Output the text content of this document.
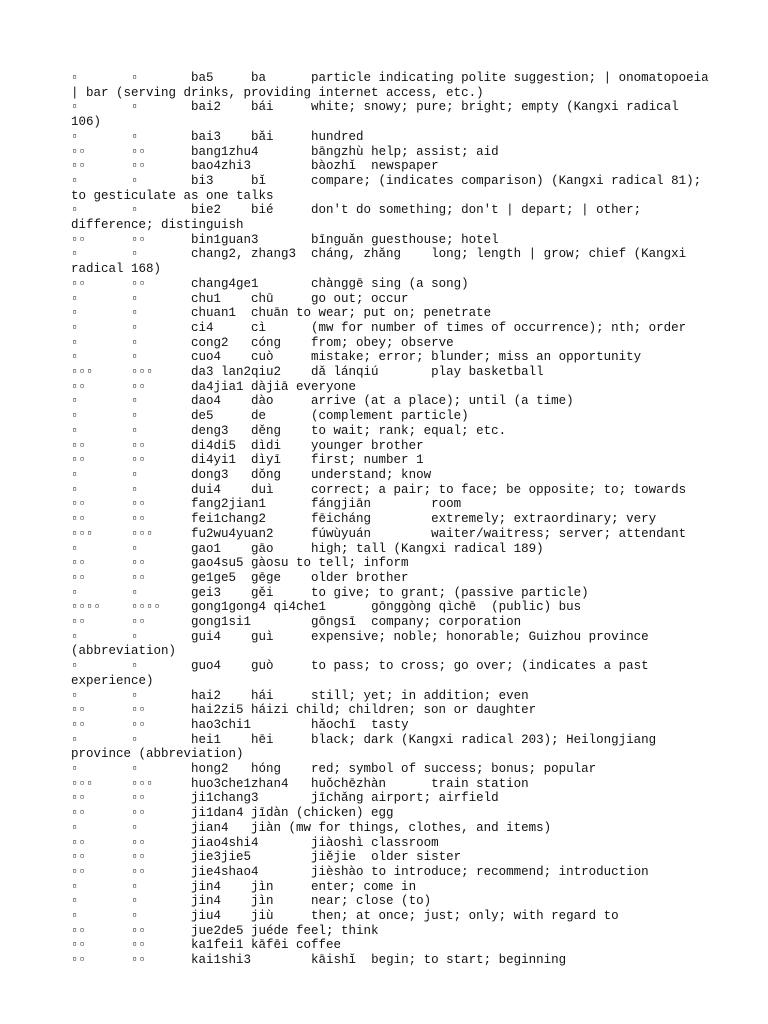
▫	▫	ba5	ba	particle indicating polite suggestion; | onomatopoeia | bar (serving drinks, providing internet access, etc.)
▫	▫	bai2	bái	white; snowy; pure; bright; empty (Kangxi radical 106)
▫	▫	bai3	bǎi	hundred
▫▫	▫▫	bang1zhu4	bāngzhù	help; assist; aid
▫▫	▫▫	bao4zhi3	bàozhǐ	newspaper
▫	▫	bi3	bǐ	compare; (indicates comparison) (Kangxi radical 81); to gesticulate as one talks
▫	▫	bie2	bié	don't do something; don't | depart; | other; difference; distinguish
▫▫	▫▫	bin1guan3	bīnguǎn	guesthouse; hotel
▫	▫	chang2, zhang3	cháng, zhǎng	long; length | grow; chief (Kangxi radical 168)
▫▫	▫▫	chang4ge1	chànggē	sing (a song)
▫	▫	chu1	chū	go out; occur
▫	▫	chuan1	chuān to wear; put on; penetrate
▫	▫	ci4	cì	(mw for number of times of occurrence); nth; order
▫	▫	cong2	cóng	from; obey; observe
▫	▫	cuo4	cuò	mistake; error; blunder; miss an opportunity
▫▫▫	▫▫▫	da3 lan2qiu2	dǎ lánqiú	play basketball
▫▫	▫▫	da4jia1	dàjiā everyone
▫	▫	dao4	dào	arrive (at a place); until (a time)
▫	▫	de5	de	(complement particle)
▫	▫	deng3	děng	to wait; rank; equal; etc.
▫▫	▫▫	di4di5	dìdi	younger brother
▫▫	▫▫	di4yi1	dìyī	first; number 1
▫	▫	dong3	dǒng	understand; know
▫	▫	dui4	duì	correct; a pair; to face; be opposite; to; towards
▫▫	▫▫	fang2jian1	fángjiān	room
▫▫	▫▫	fei1chang2	fēicháng	extremely; extraordinary; very
▫▫▫	▫▫▫	fu2wu4yuan2	fúwùyuán	waiter/waitress; server; attendant
▫	▫	gao1	gāo	high; tall (Kangxi radical 189)
▫▫	▫▫	gao4su5	gàosu to tell; inform
▫▫	▫▫	ge1ge5	gēge	older brother
▫	▫	gei3	gěi	to give; to grant; (passive particle)
▫▫▫▫	▫▫▫▫	gong1gong4 qi4che1	gōnggòng qìchē	(public) bus
▫▫	▫▫	gong1si1	gōngsī	company; corporation
▫	▫	gui4	guì	expensive; noble; honorable; Guizhou province (abbreviation)
▫	▫	guo4	guò	to pass; to cross; go over; (indicates a past experience)
▫	▫	hai2	hái	still; yet; in addition; even
▫▫	▫▫	hai2zi5	háizi child; children; son or daughter
▫▫	▫▫	hao3chi1	hǎochī	tasty
▫	▫	hei1	hēi	black; dark (Kangxi radical 203); Heilongjiang province (abbreviation)
▫	▫	hong2	hóng	red; symbol of success; bonus; popular
▫▫▫	▫▫▫	huo3che1zhan4	huǒchēzhàn	train station
▫▫	▫▫	ji1chang3	jīchǎng	airport; airfield
▫▫	▫▫	ji1dan4	jīdàn (chicken) egg
▫	▫	jian4	jiàn (mw for things, clothes, and items)
▫▫	▫▫	jiao4shi4	jiàoshì	classroom
▫▫	▫▫	jie3jie5	jiějie	older sister
▫▫	▫▫	jie4shao4	jièshào	to introduce; recommend; introduction
▫	▫	jin4	jìn	enter; come in
▫	▫	jin4	jìn	near; close (to)
▫	▫	jiu4	jiù	then; at once; just; only; with regard to
▫▫	▫▫	jue2de5	juéde feel; think
▫▫	▫▫	ka1fei1	kāfēi coffee
▫▫	▫▫	kai1shi3	kāishǐ	begin; to start; beginning
